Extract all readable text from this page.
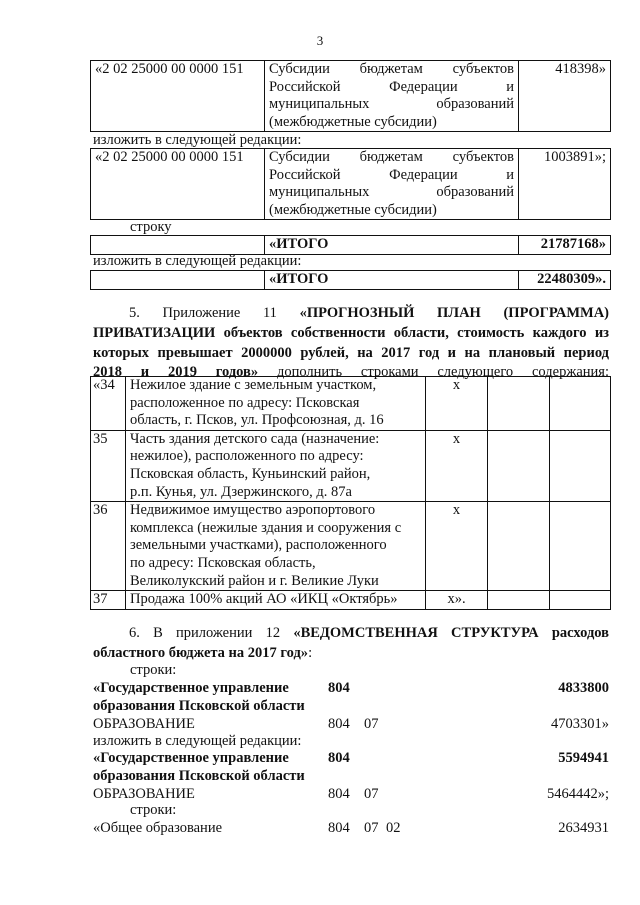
3
«2 02 25000 00 0000 151	Субсидии бюджетам субъектов
Российской Федерации и
муниципальных образований
(межбюджетные субсидии)
	418398»
изложить в следующей редакции:
«2 02 25000 00 0000 151	Субсидии бюджетам субъектов
Российской Федерации и
муниципальных образований
(межбюджетные субсидии)
	1003891»;
строку
	«ИТОГО	21787168»
изложить в следующей редакции:
	«ИТОГО	22480309».
5. Приложение 11 «ПРОГНОЗНЫЙ ПЛАН (ПРОГРАММА)
ПРИВАТИЗАЦИИ объектов собственности области, стоимость каждого из
которых превышает 2000000 рублей, на 2017 год и на плановый период
2018 и 2019 годов» дополнить строками следующего содержания:
«34	Нежилое здание с земельным участком,
расположенное по адресу: Псковская
область, г. Псков, ул. Профсоюзная, д. 16	х		
35	Часть здания детского сада (назначение:
нежилое), расположенного по адресу:
Псковская область, Куньинский район,
р.п. Кунья, ул. Дзержинского, д. 87а	х		
36	Недвижимое имущество аэропортового
комплекса (нежилые здания и сооружения с
земельными участками), расположенного
по адресу: Псковская область,
Великолукский район и г. Великие Луки	х		
37	Продажа 100% акций АО «ИКЦ «Октябрь»	х».		
6. В приложении 12 «ВЕДОМСТВЕННАЯ СТРУКТУРА расходов
областного бюджета на 2017 год»:
строки:
«Государственное управление	804	4833800
образования Псковской области
ОБРАЗОВАНИЕ	804 07	4703301»
изложить в следующей редакции:
«Государственное управление	804	5594941
образования Псковской области
ОБРАЗОВАНИЕ	804 07	5464442»;
строки:
«Общее образование	804 07 02	2634931
